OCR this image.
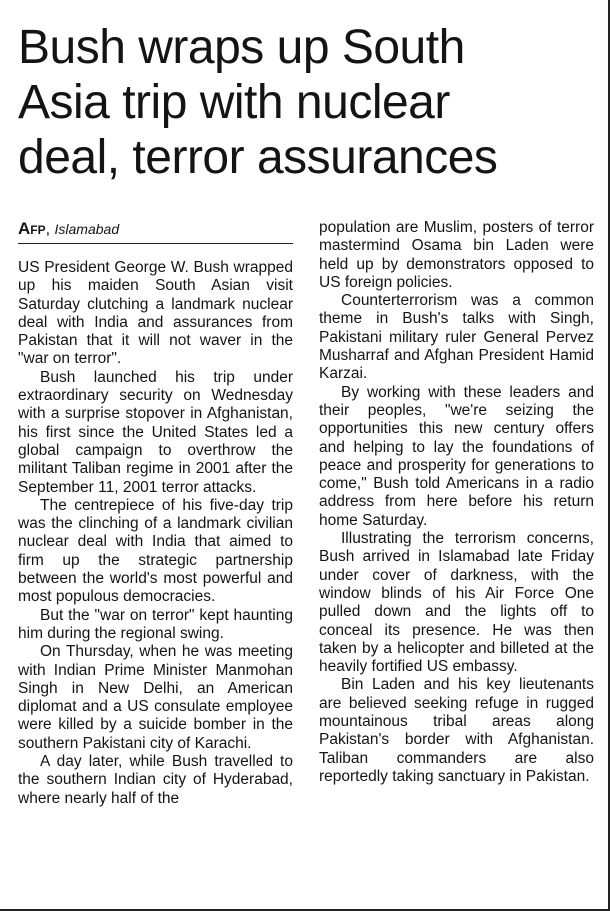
Bush wraps up South
Asia trip with nuclear
deal, terror assurances
AFP, Islamabad

US President George W. Bush wrapped up his maiden South Asian visit Saturday clutching a landmark nuclear deal with India and assurances from Pakistan that it will not waver in the "war on terror".

Bush launched his trip under extraordinary security on Wednesday with a surprise stopover in Afghanistan, his first since the United States led a global campaign to overthrow the militant Taliban regime in 2001 after the September 11, 2001 terror attacks.

The centrepiece of his five-day trip was the clinching of a landmark civilian nuclear deal with India that aimed to firm up the strategic partnership between the world's most powerful and most populous democracies.

But the "war on terror" kept haunting him during the regional swing.

On Thursday, when he was meeting with Indian Prime Minister Manmohan Singh in New Delhi, an American diplomat and a US consulate employee were killed by a suicide bomber in the southern Pakistani city of Karachi.

A day later, while Bush travelled to the southern Indian city of Hyderabad, where nearly half of the

population are Muslim, posters of terror mastermind Osama bin Laden were held up by demonstrators opposed to US foreign policies.

Counterterrorism was a common theme in Bush's talks with Singh, Pakistani military ruler General Pervez Musharraf and Afghan President Hamid Karzai.

By working with these leaders and their peoples, "we're seizing the opportunities this new century offers and helping to lay the foundations of peace and prosperity for generations to come," Bush told Americans in a radio address from here before his return home Saturday.

Illustrating the terrorism concerns, Bush arrived in Islamabad late Friday under cover of darkness, with the window blinds of his Air Force One pulled down and the lights off to conceal its presence. He was then taken by a helicopter and billeted at the heavily fortified US embassy.

Bin Laden and his key lieutenants are believed seeking refuge in rugged mountainous tribal areas along Pakistan's border with Afghanistan. Taliban commanders are also reportedly taking sanctuary in Pakistan.
